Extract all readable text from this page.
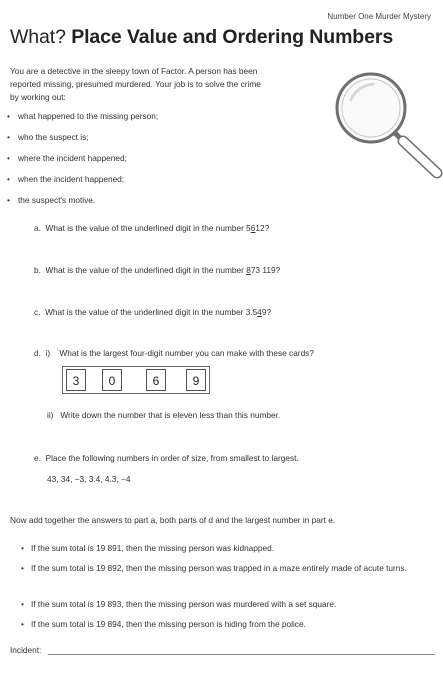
Number One Murder Mystery
What? Place Value and Ordering Numbers
You are a detective in the sleepy town of Factor. A person has been reported missing, presumed murdered. Your job is to solve the crime by working out:
• what happened to the missing person;
• who the suspect is;
• where the incident happened;
• when the incident happened;
• the suspect's motive.
a. What is the value of the underlined digit in the number 5612?
b. What is the value of the underlined digit in the number 873 119?
c. What is the value of the underlined digit in the number 3.549?
d. i) What is the largest four-digit number you can make with these cards?
3	0	6	9
ii) Write down the number that is eleven less than this number.
e. Place the following numbers in order of size, from smallest to largest.
43, 34, −3, 3.4, 4.3, −4
Now add together the answers to part a, both parts of d and the largest number in part e.
• If the sum total is 19 891, then the missing person was kidnapped.
• If the sum total is 19 892, then the missing person was trapped in a maze entirely made of acute turns.
• If the sum total is 19 893, then the missing person was murdered with a set square.
• If the sum total is 19 894, then the missing person is hiding from the police.
Incident:
